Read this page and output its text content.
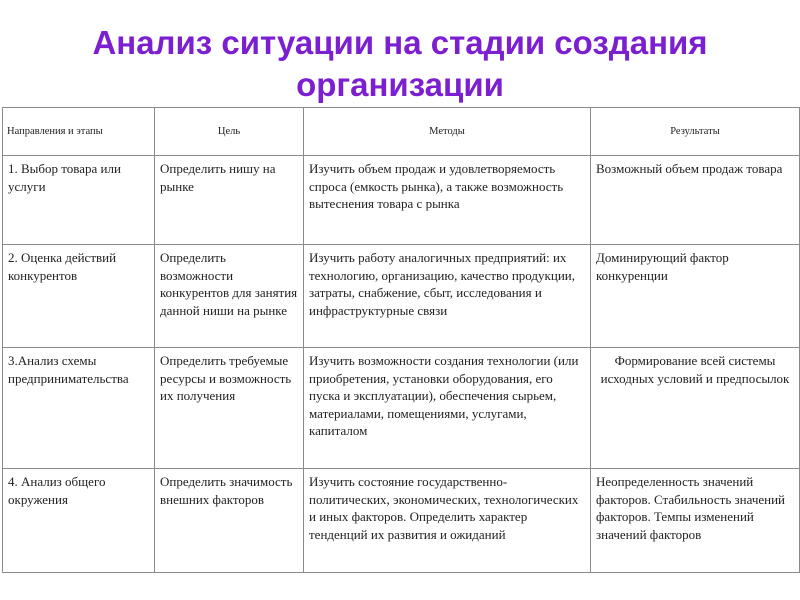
Анализ ситуации на стадии создания организации
Направления и этапы	Цель	Методы	Результаты
1. Выбор товара или услуги	Определить нишу на рынке	Изучить объем продаж и удовлетворяемость спроса (емкость рынка), а также возможность вытеснения товара с рынка	Возможный объем продаж товара
2. Оценка действий конкурентов	Определить возможности конкурентов для занятия данной ниши на рынке	Изучить работу аналогичных предприятий: их технологию, организацию, качество продукции, затраты, снабжение, сбыт, исследования и инфраструктурные связи	Доминирующий фактор конкуренции
3.Анализ схемы предпринимательства	Определить требуемые ресурсы и возможность их получения	Изучить возможности создания технологии (или приобретения, установки оборудования, его пуска и эксплуатации), обеспечения сырьем, материалами, помещениями, услугами, капиталом	Формирование всей системы исходных условий и предпосылок
4. Анализ общего окружения	Определить значимость внешних факторов	Изучить состояние государственно-политических, экономических, технологических и иных факторов. Определить характер тенденций их развития и ожиданий	Неопределенность значений факторов. Стабильность значений факторов. Темпы изменений значений факторов
